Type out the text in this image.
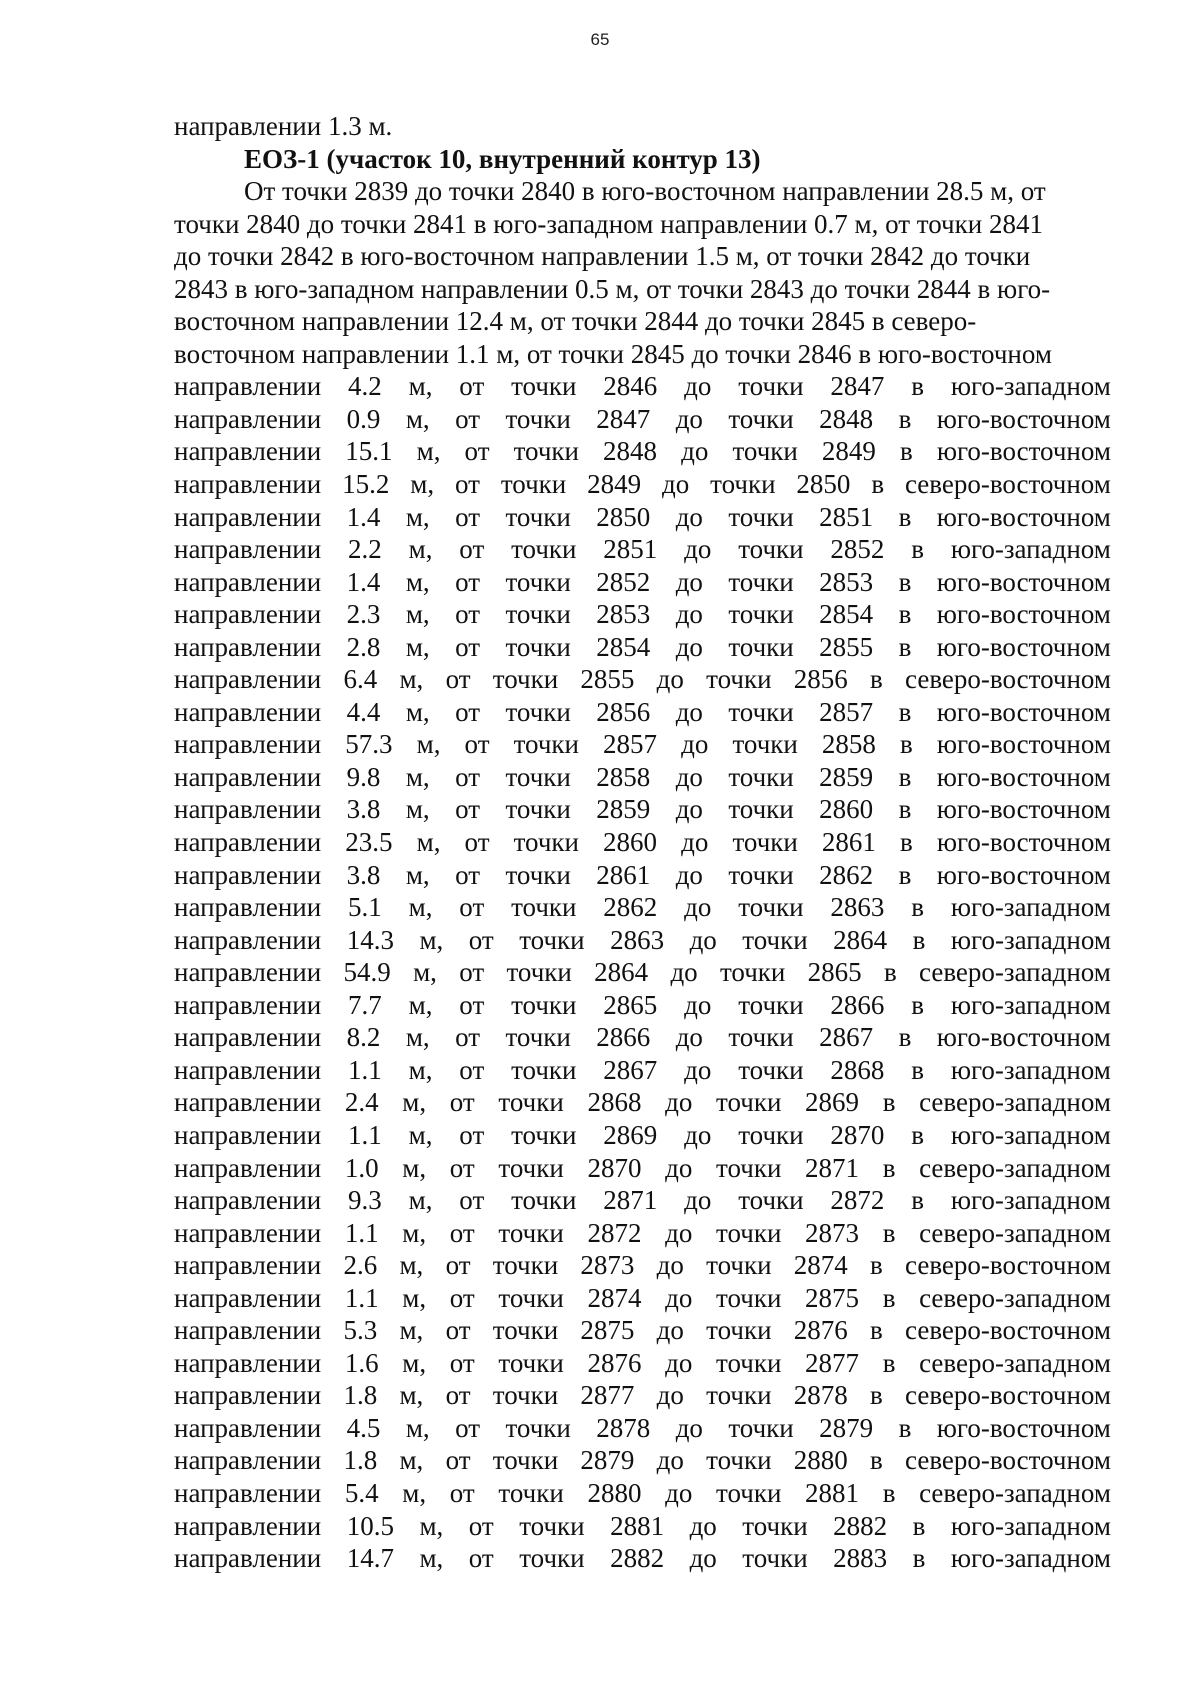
65
направлении 1.3 м.
ЕОЗ-1 (участок 10, внутренний контур 13)
От точки 2839 до точки 2840 в юго-восточном направлении 28.5 м, от
точки 2840 до точки 2841 в юго-западном направлении 0.7 м, от точки 2841
до точки 2842 в юго-восточном направлении 1.5 м, от точки 2842 до точки
2843 в юго-западном направлении 0.5 м, от точки 2843 до точки 2844 в юго-
восточном направлении 12.4 м, от точки 2844 до точки 2845 в северо-
восточном направлении 1.1 м, от точки 2845 до точки 2846 в юго-восточном
направлении 4.2 м, от точки 2846 до точки 2847 в юго-западном
направлении 0.9 м, от точки 2847 до точки 2848 в юго-восточном
направлении 15.1 м, от точки 2848 до точки 2849 в юго-восточном
направлении 15.2 м, от точки 2849 до точки 2850 в северо-восточном
направлении 1.4 м, от точки 2850 до точки 2851 в юго-восточном
направлении 2.2 м, от точки 2851 до точки 2852 в юго-западном
направлении 1.4 м, от точки 2852 до точки 2853 в юго-восточном
направлении 2.3 м, от точки 2853 до точки 2854 в юго-восточном
направлении 2.8 м, от точки 2854 до точки 2855 в юго-восточном
направлении 6.4 м, от точки 2855 до точки 2856 в северо-восточном
направлении 4.4 м, от точки 2856 до точки 2857 в юго-восточном
направлении 57.3 м, от точки 2857 до точки 2858 в юго-восточном
направлении 9.8 м, от точки 2858 до точки 2859 в юго-восточном
направлении 3.8 м, от точки 2859 до точки 2860 в юго-восточном
направлении 23.5 м, от точки 2860 до точки 2861 в юго-восточном
направлении 3.8 м, от точки 2861 до точки 2862 в юго-восточном
направлении 5.1 м, от точки 2862 до точки 2863 в юго-западном
направлении 14.3 м, от точки 2863 до точки 2864 в юго-западном
направлении 54.9 м, от точки 2864 до точки 2865 в северо-западном
направлении 7.7 м, от точки 2865 до точки 2866 в юго-западном
направлении 8.2 м, от точки 2866 до точки 2867 в юго-восточном
направлении 1.1 м, от точки 2867 до точки 2868 в юго-западном
направлении 2.4 м, от точки 2868 до точки 2869 в северо-западном
направлении 1.1 м, от точки 2869 до точки 2870 в юго-западном
направлении 1.0 м, от точки 2870 до точки 2871 в северо-западном
направлении 9.3 м, от точки 2871 до точки 2872 в юго-западном
направлении 1.1 м, от точки 2872 до точки 2873 в северо-западном
направлении 2.6 м, от точки 2873 до точки 2874 в северо-восточном
направлении 1.1 м, от точки 2874 до точки 2875 в северо-западном
направлении 5.3 м, от точки 2875 до точки 2876 в северо-восточном
направлении 1.6 м, от точки 2876 до точки 2877 в северо-западном
направлении 1.8 м, от точки 2877 до точки 2878 в северо-восточном
направлении 4.5 м, от точки 2878 до точки 2879 в юго-восточном
направлении 1.8 м, от точки 2879 до точки 2880 в северо-восточном
направлении 5.4 м, от точки 2880 до точки 2881 в северо-западном
направлении 10.5 м, от точки 2881 до точки 2882 в юго-западном
направлении 14.7 м, от точки 2882 до точки 2883 в юго-западном
